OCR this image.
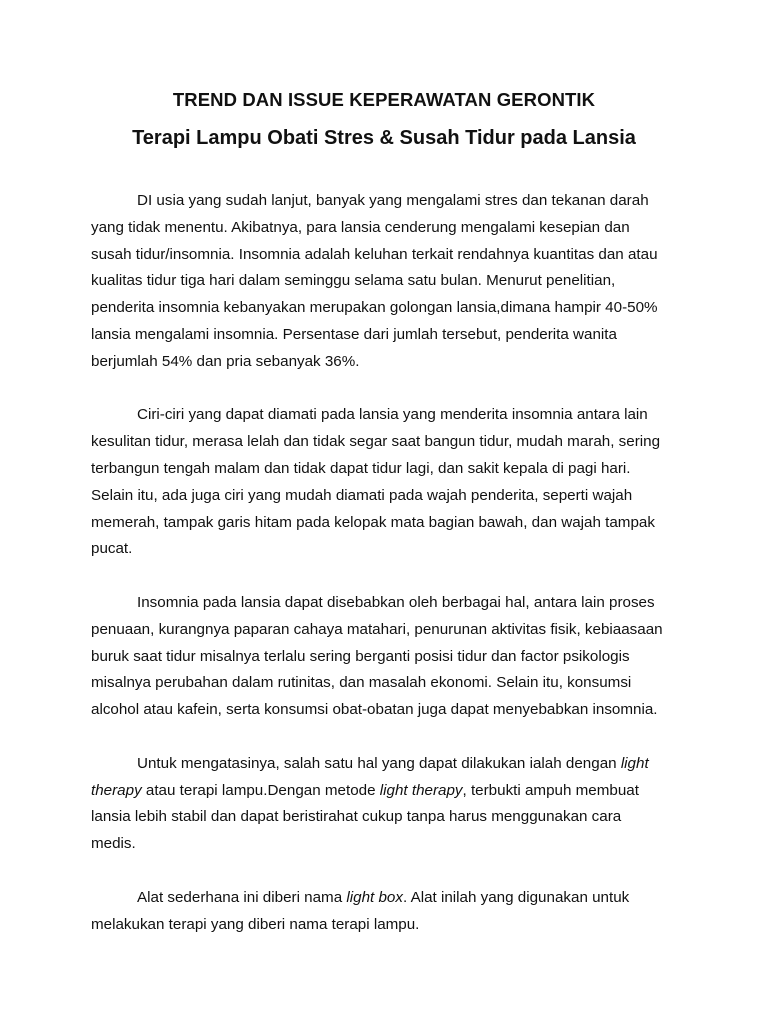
TREND DAN ISSUE KEPERAWATAN GERONTIK
Terapi Lampu Obati Stres & Susah Tidur pada Lansia

DI usia yang sudah lanjut, banyak yang mengalami stres dan tekanan darah
yang tidak menentu. Akibatnya, para lansia cenderung mengalami kesepian dan
susah tidur/insomnia. Insomnia adalah keluhan terkait rendahnya kuantitas dan atau
kualitas tidur tiga hari dalam seminggu selama satu bulan. Menurut penelitian,
penderita insomnia kebanyakan merupakan golongan lansia,dimana hampir 40-50%
lansia mengalami insomnia. Persentase dari jumlah tersebut, penderita wanita
berjumlah 54% dan pria sebanyak 36%.

Ciri-ciri yang dapat diamati pada lansia yang menderita insomnia antara lain
kesulitan tidur, merasa lelah dan tidak segar saat bangun tidur, mudah marah, sering
terbangun tengah malam dan tidak dapat tidur lagi, dan sakit kepala di pagi hari.
Selain itu, ada juga ciri yang mudah diamati pada wajah penderita, seperti wajah
memerah, tampak garis hitam pada kelopak mata bagian bawah, dan wajah tampak
pucat.

Insomnia pada lansia dapat disebabkan oleh berbagai hal, antara lain proses
penuaan, kurangnya paparan cahaya matahari, penurunan aktivitas fisik, kebiaasaan
buruk saat tidur misalnya terlalu sering berganti posisi tidur dan factor psikologis
misalnya perubahan dalam rutinitas, dan masalah ekonomi. Selain itu, konsumsi
alcohol atau kafein, serta konsumsi obat-obatan juga dapat menyebabkan insomnia.

Untuk mengatasinya, salah satu hal yang dapat dilakukan ialah dengan light
therapy atau terapi lampu.Dengan metode light therapy, terbukti ampuh membuat
lansia lebih stabil dan dapat beristirahat cukup tanpa harus menggunakan cara
medis.

Alat sederhana ini diberi nama light box. Alat inilah yang digunakan untuk
melakukan terapi yang diberi nama terapi lampu.
